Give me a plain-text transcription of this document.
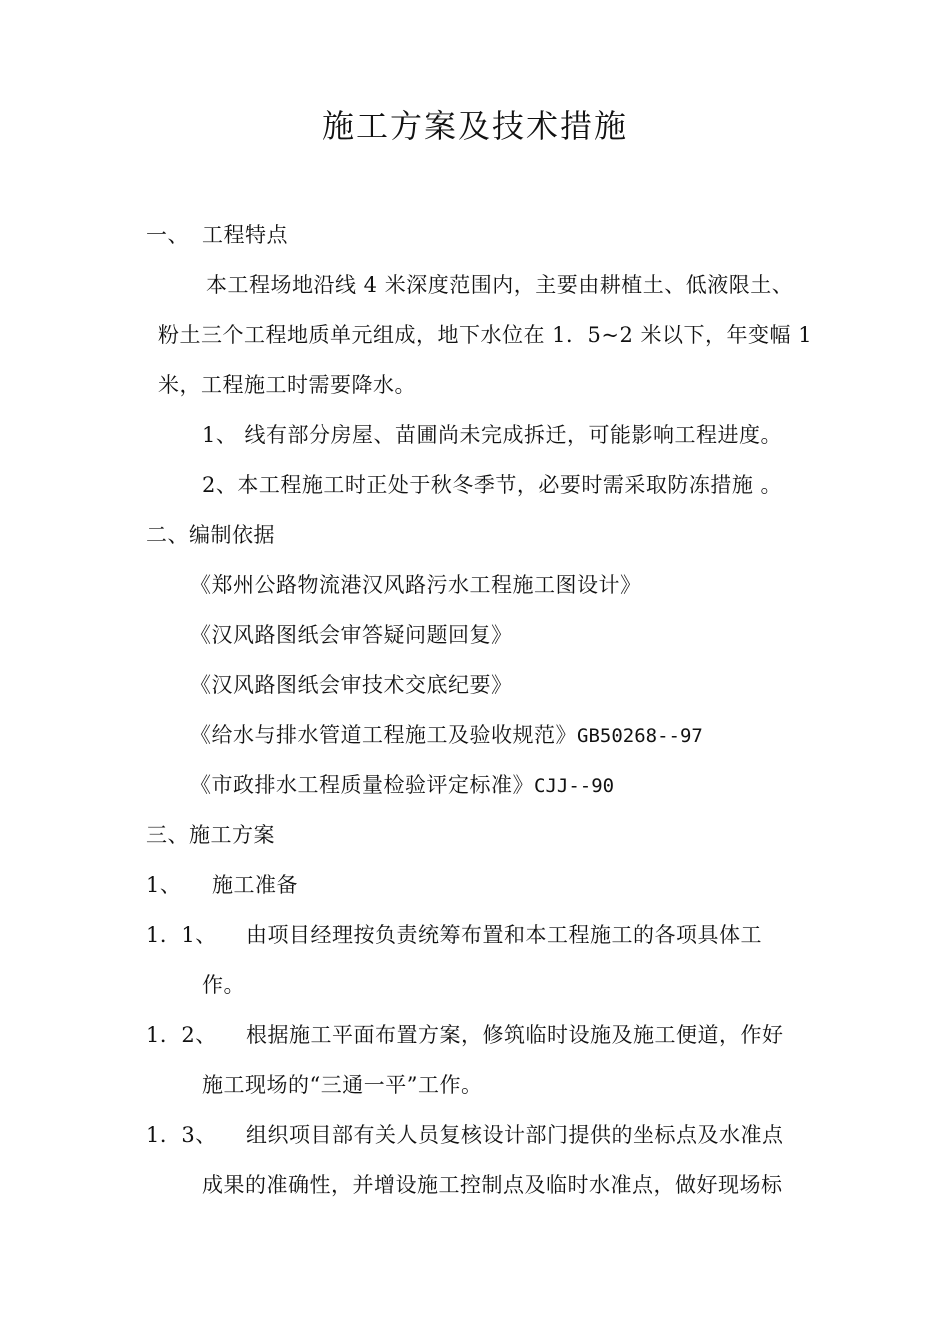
施工方案及技术措施
一、 工程特点
本工程场地沿线 4 米深度范围内，主要由耕植土、低液限土、
粉土三个工程地质单元组成，地下水位在 1．5~2 米以下，年变幅 1
米，工程施工时需要降水。
1、 线有部分房屋、苗圃尚未完成拆迁，可能影响工程进度。
2、本工程施工时正处于秋冬季节，必要时需采取防冻措施 。
二、编制依据
《郑州公路物流港汉风路污水工程施工图设计》
《汉风路图纸会审答疑问题回复》
《汉风路图纸会审技术交底纪要》
《给水与排水管道工程施工及验收规范》GB50268--97
《市政排水工程质量检验评定标准》CJJ--90
三、施工方案
1、 施工准备
1．1、 由项目经理按负责统筹布置和本工程施工的各项具体工
作。
1．2、 根据施工平面布置方案，修筑临时设施及施工便道，作好
施工现场的“三通一平”工作。
1．3、 组织项目部有关人员复核设计部门提供的坐标点及水准点
成果的准确性，并增设施工控制点及临时水准点，做好现场标
